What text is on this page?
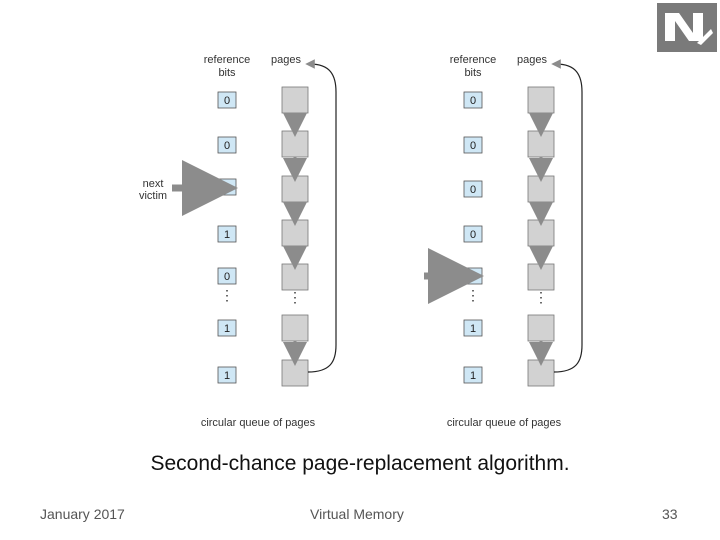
reference
bits
pages
0
0
1
1
0
1
1
⋮	⋮
next
victim
circular queue of pages
reference
bits
pages
0
0
0
0
0
1
1
⋮	⋮
circular queue of pages
Second-chance page-replacement algorithm.
January 2017	Virtual Memory	33
